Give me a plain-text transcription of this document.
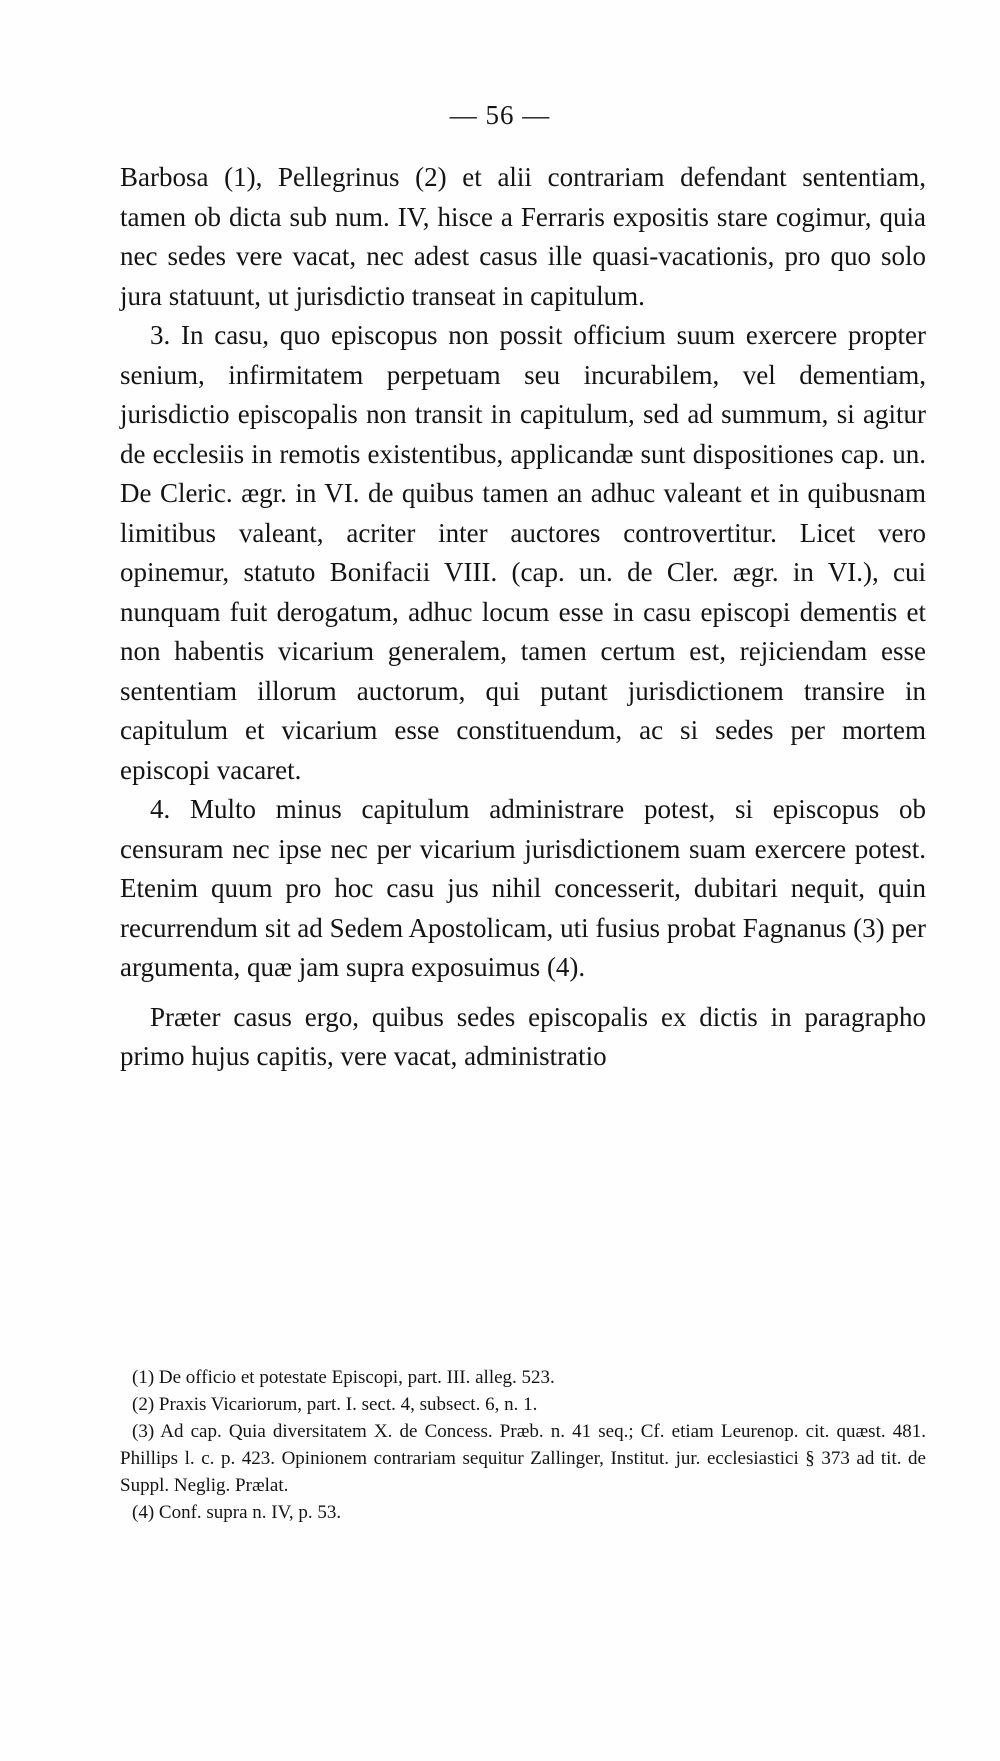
— 56 —

Barbosa (1), Pellegrinus (2) et alii contrariam defendant sententiam, tamen ob dicta sub num. IV, hisce a Ferraris expositis stare cogimur, quia nec sedes vere vacat, nec adest casus ille quasi-vacationis, pro quo solo jura statuunt, ut jurisdictio transeat in capitulum.

3. In casu, quo episcopus non possit officium suum exercere propter senium, infirmitatem perpetuam seu incurabilem, vel dementiam, jurisdictio episcopalis non transit in capitulum, sed ad summum, si agitur de ecclesiis in remotis existentibus, applicandæ sunt dispositiones cap. un. De Cleric. ægr. in VI. de quibus tamen an adhuc valeant et in quibusnam limitibus valeant, acriter inter auctores controvertitur. Licet vero opinemur, statuto Bonifacii VIII. (cap. un. de Cler. ægr. in VI.), cui nunquam fuit derogatum, adhuc locum esse in casu episcopi dementis et non habentis vicarium generalem, tamen certum est, rejiciendam esse sententiam illorum auctorum, qui putant jurisdictionem transire in capitulum et vicarium esse constituendum, ac si sedes per mortem episcopi vacaret.

4. Multo minus capitulum administrare potest, si episcopus ob censuram nec ipse nec per vicarium jurisdictionem suam exercere potest. Etenim quum pro hoc casu jus nihil concesserit, dubitari nequit, quin recurrendum sit ad Sedem Apostolicam, uti fusius probat Fagnanus (3) per argumenta, quæ jam supra exposuimus (4).

Præter casus ergo, quibus sedes episcopalis ex dictis in paragrapho primo hujus capitis, vere vacat, administratio

(1) De officio et potestate Episcopi, part. III. alleg. 523.

(2) Praxis Vicariorum, part. I. sect. 4, subsect. 6, n. 1.

(3) Ad cap. Quia diversitatem X. de Concess. Præb. n. 41 seq.; Cf. etiam Leurenop. cit. quæst. 481. Phillips l. c. p. 423. Opinionem contrariam sequitur Zallinger, Institut. jur. ecclesiastici § 373 ad tit. de Suppl. Neglig. Prælat.

(4) Conf. supra n. IV, p. 53.
